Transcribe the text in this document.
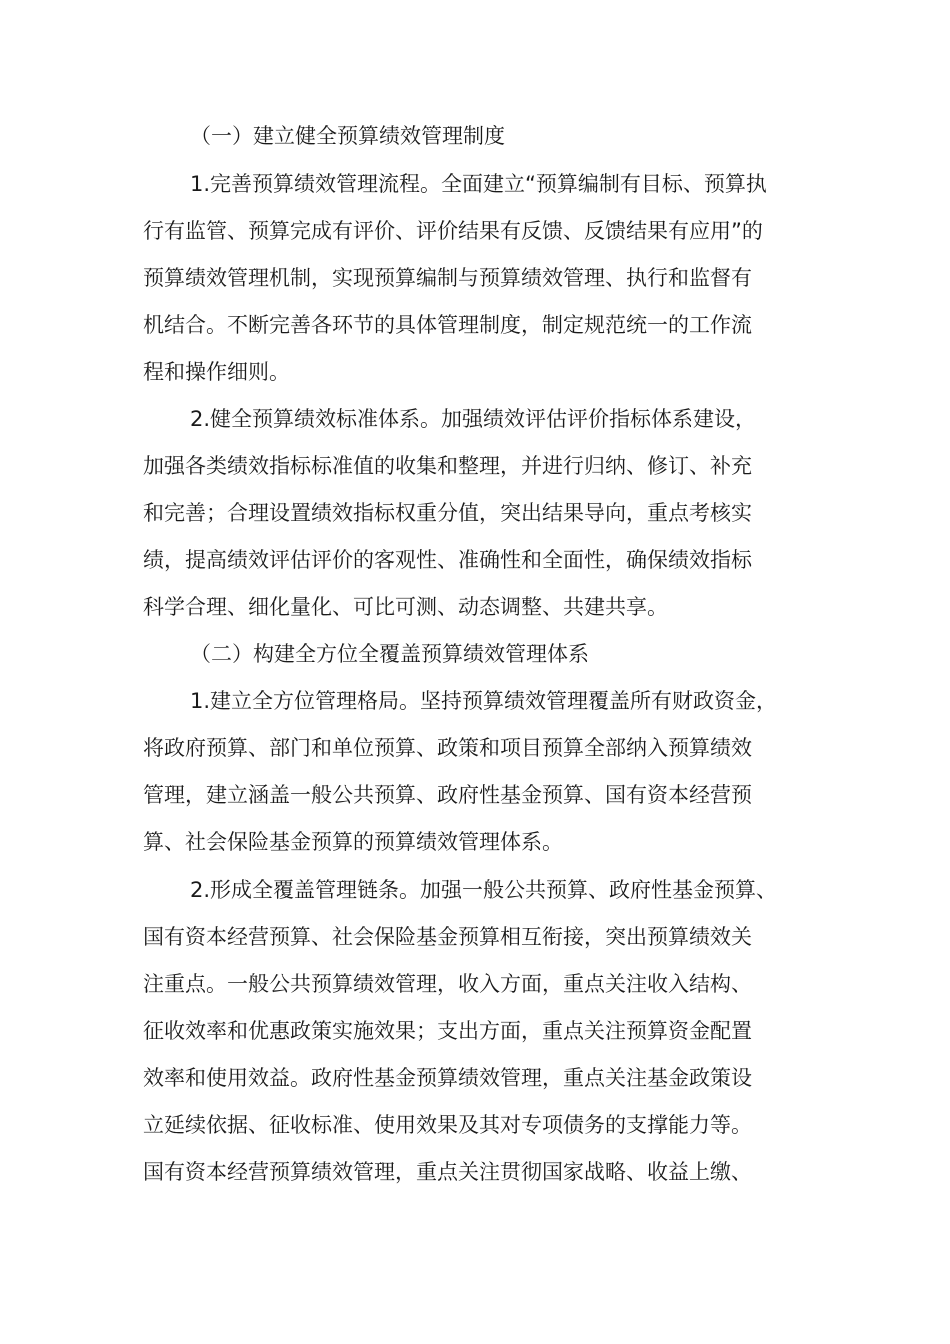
（一）建立健全预算绩效管理制度
1.完善预算绩效管理流程。全面建立“预算编制有目标、预算执
行有监管、预算完成有评价、评价结果有反馈、反馈结果有应用”的
预算绩效管理机制，实现预算编制与预算绩效管理、执行和监督有
机结合。不断完善各环节的具体管理制度，制定规范统一的工作流
程和操作细则。
2.健全预算绩效标准体系。加强绩效评估评价指标体系建设，
加强各类绩效指标标准值的收集和整理，并进行归纳、修订、补充
和完善；合理设置绩效指标权重分值，突出结果导向，重点考核实
绩，提高绩效评估评价的客观性、准确性和全面性，确保绩效指标
科学合理、细化量化、可比可测、动态调整、共建共享。
（二）构建全方位全覆盖预算绩效管理体系
1.建立全方位管理格局。坚持预算绩效管理覆盖所有财政资金，
将政府预算、部门和单位预算、政策和项目预算全部纳入预算绩效
管理，建立涵盖一般公共预算、政府性基金预算、国有资本经营预
算、社会保险基金预算的预算绩效管理体系。
2.形成全覆盖管理链条。加强一般公共预算、政府性基金预算、
国有资本经营预算、社会保险基金预算相互衔接，突出预算绩效关
注重点。一般公共预算绩效管理，收入方面，重点关注收入结构、
征收效率和优惠政策实施效果；支出方面，重点关注预算资金配置
效率和使用效益。政府性基金预算绩效管理，重点关注基金政策设
立延续依据、征收标准、使用效果及其对专项债务的支撑能力等。
国有资本经营预算绩效管理，重点关注贯彻国家战略、收益上缴、
